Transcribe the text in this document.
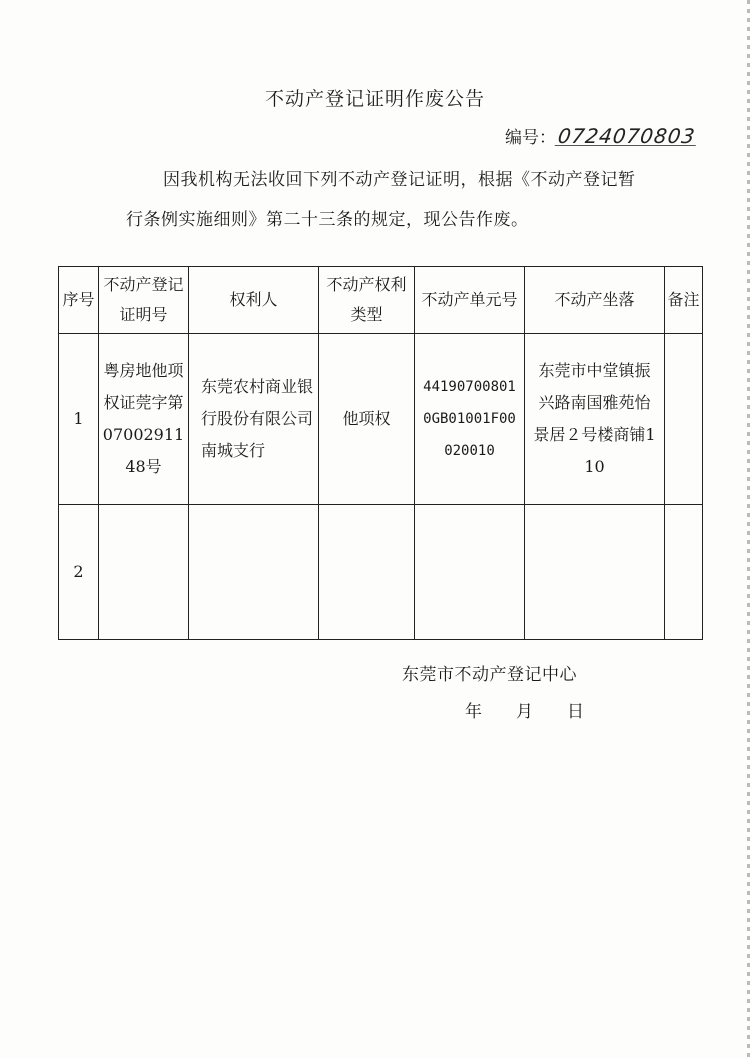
不动产登记证明作废公告
编号： 0724070803
因我机构无法收回下列不动产登记证明，根据《不动产登记暂
行条例实施细则》第二十三条的规定，现公告作废。
序号	不动产登记证明号	权利人	不动产权利类型	不动产单元号	不动产坐落	备注
1	粤房地他项权证莞字第0700291148号	东莞农村商业银行股份有限公司南城支行	他项权	441907008010GB01001F00020010	东莞市中堂镇振兴路南国雅苑怡景居２号楼商铺110	
2						
东莞市不动产登记中心
年 月 日
